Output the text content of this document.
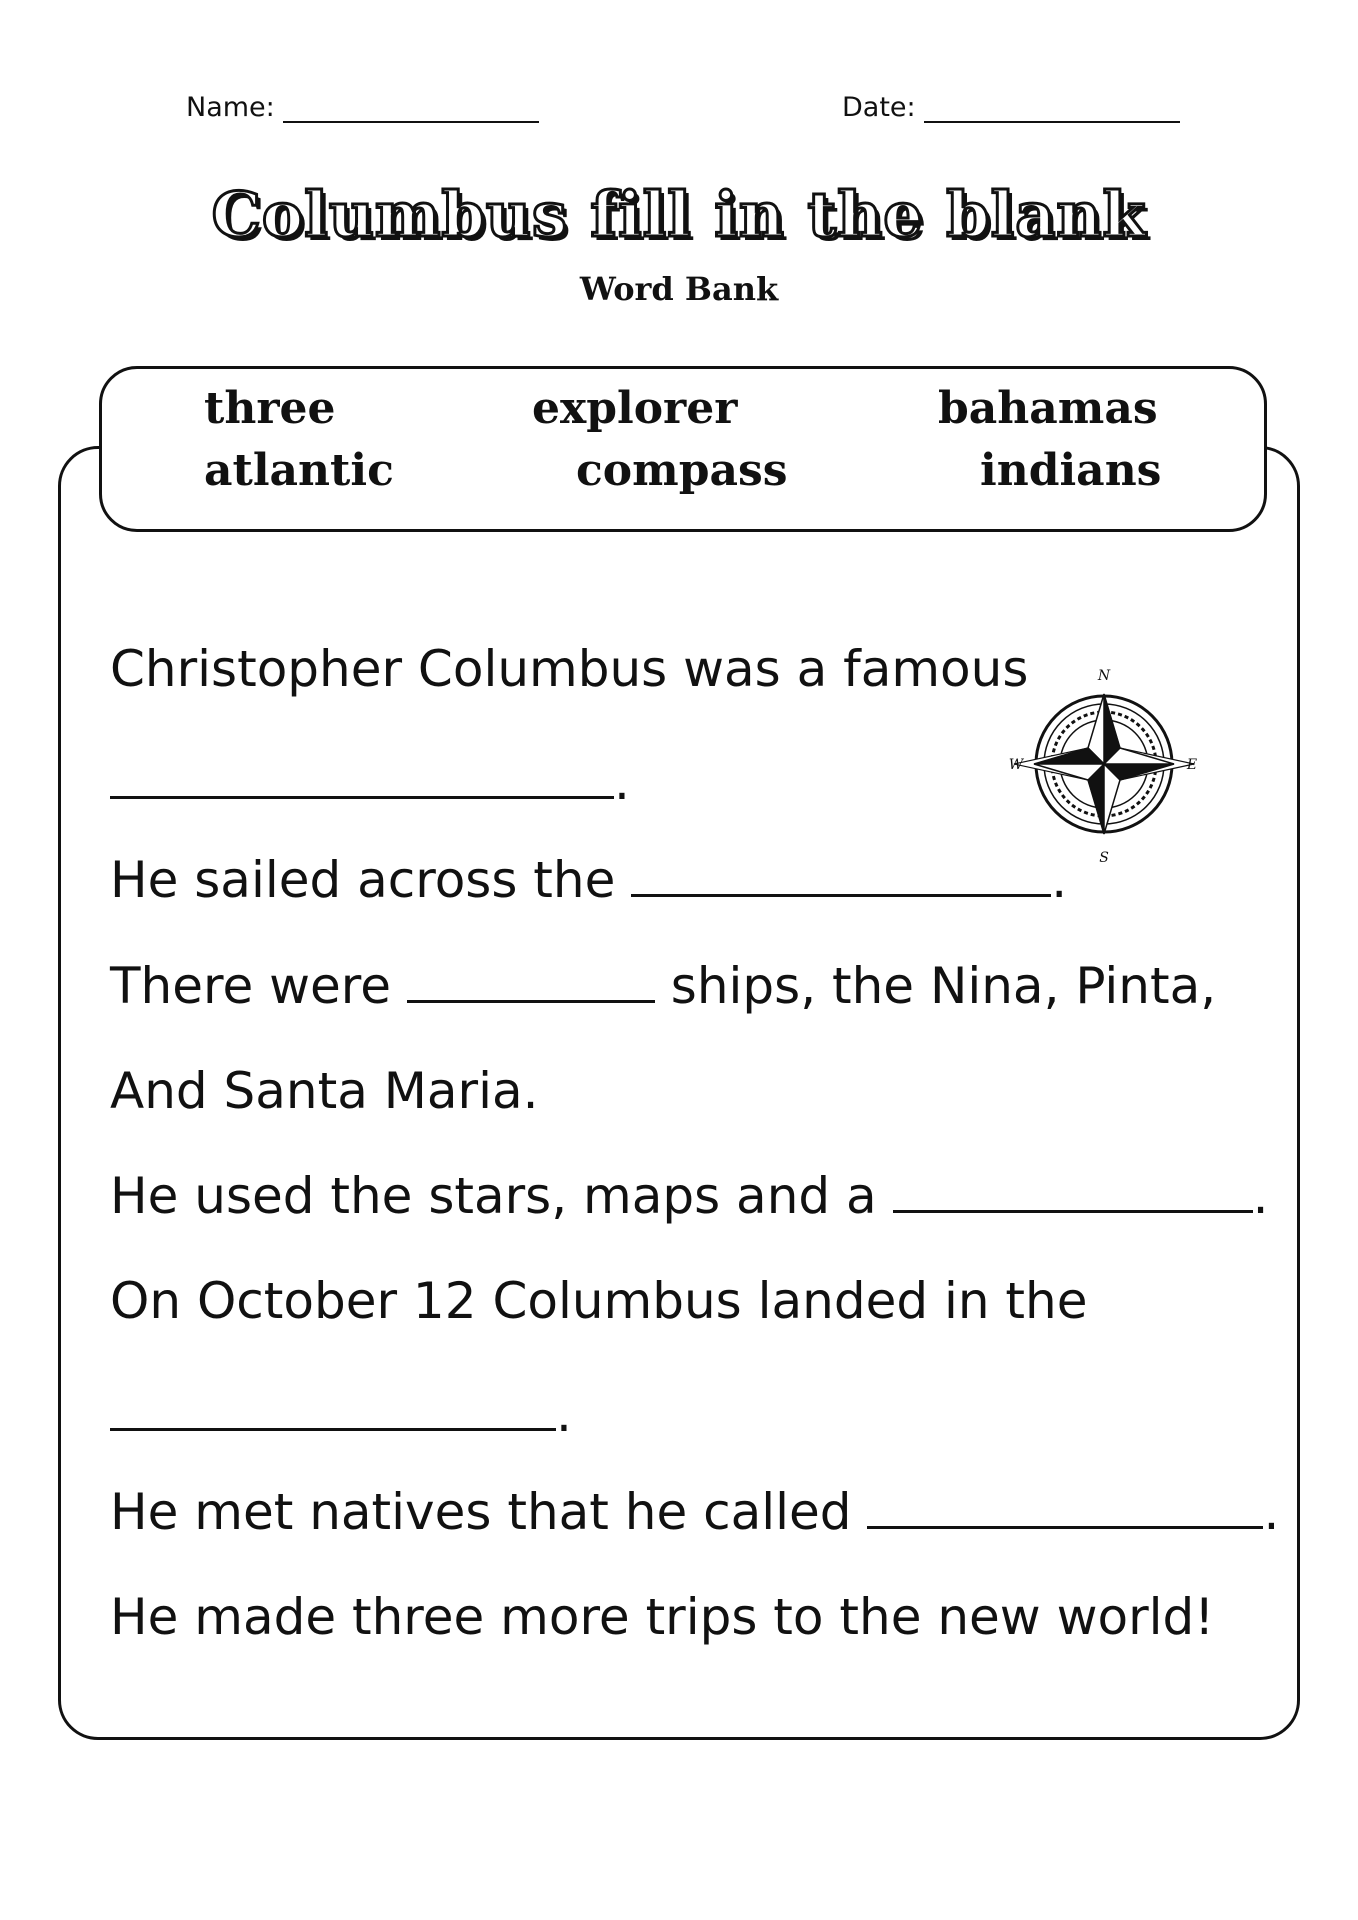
Name:	Date:
Columbus fill in the blank
Word Bank
three	explorer	bahamas
atlantic	compass	indians
Christopher Columbus was a famous
.
He sailed across the	.
There were	ships, the Nina, Pinta,
And Santa Maria.
He used the stars, maps and a	.
On October 12 Columbus landed in the
.
He met natives that he called	.
He made three more trips to the new world!
N
E
S
W
